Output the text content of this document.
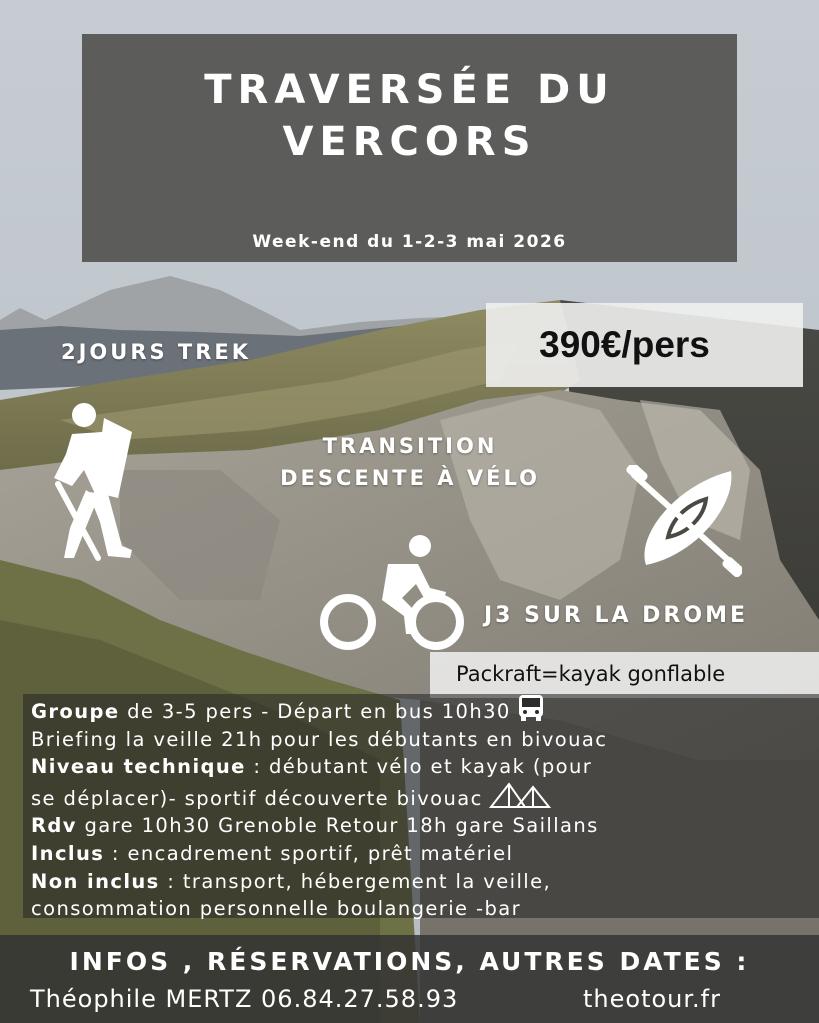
TRAVERSÉE DU
VERCORS
Week-end du 1-2-3 mai 2026
390€/pers
2JOURS TREK
TRANSITION
DESCENTE À VÉLO
J3 SUR LA DROME
Packraft=kayak gonflable
Groupe de 3-5 pers - Départ en bus 10h30
Briefing la veille 21h pour les débutants en bivouac
Niveau technique : débutant vélo et kayak (pour
se déplacer)- sportif découverte bivouac
Rdv gare 10h30 Grenoble Retour 18h gare Saillans
Inclus : encadrement sportif, prêt matériel
Non inclus : transport, hébergement la veille,
consommation personnelle boulangerie -bar
INFOS , RÉSERVATIONS, AUTRES DATES :
Théophile MERTZ 06.84.27.58.93	theotour.fr
